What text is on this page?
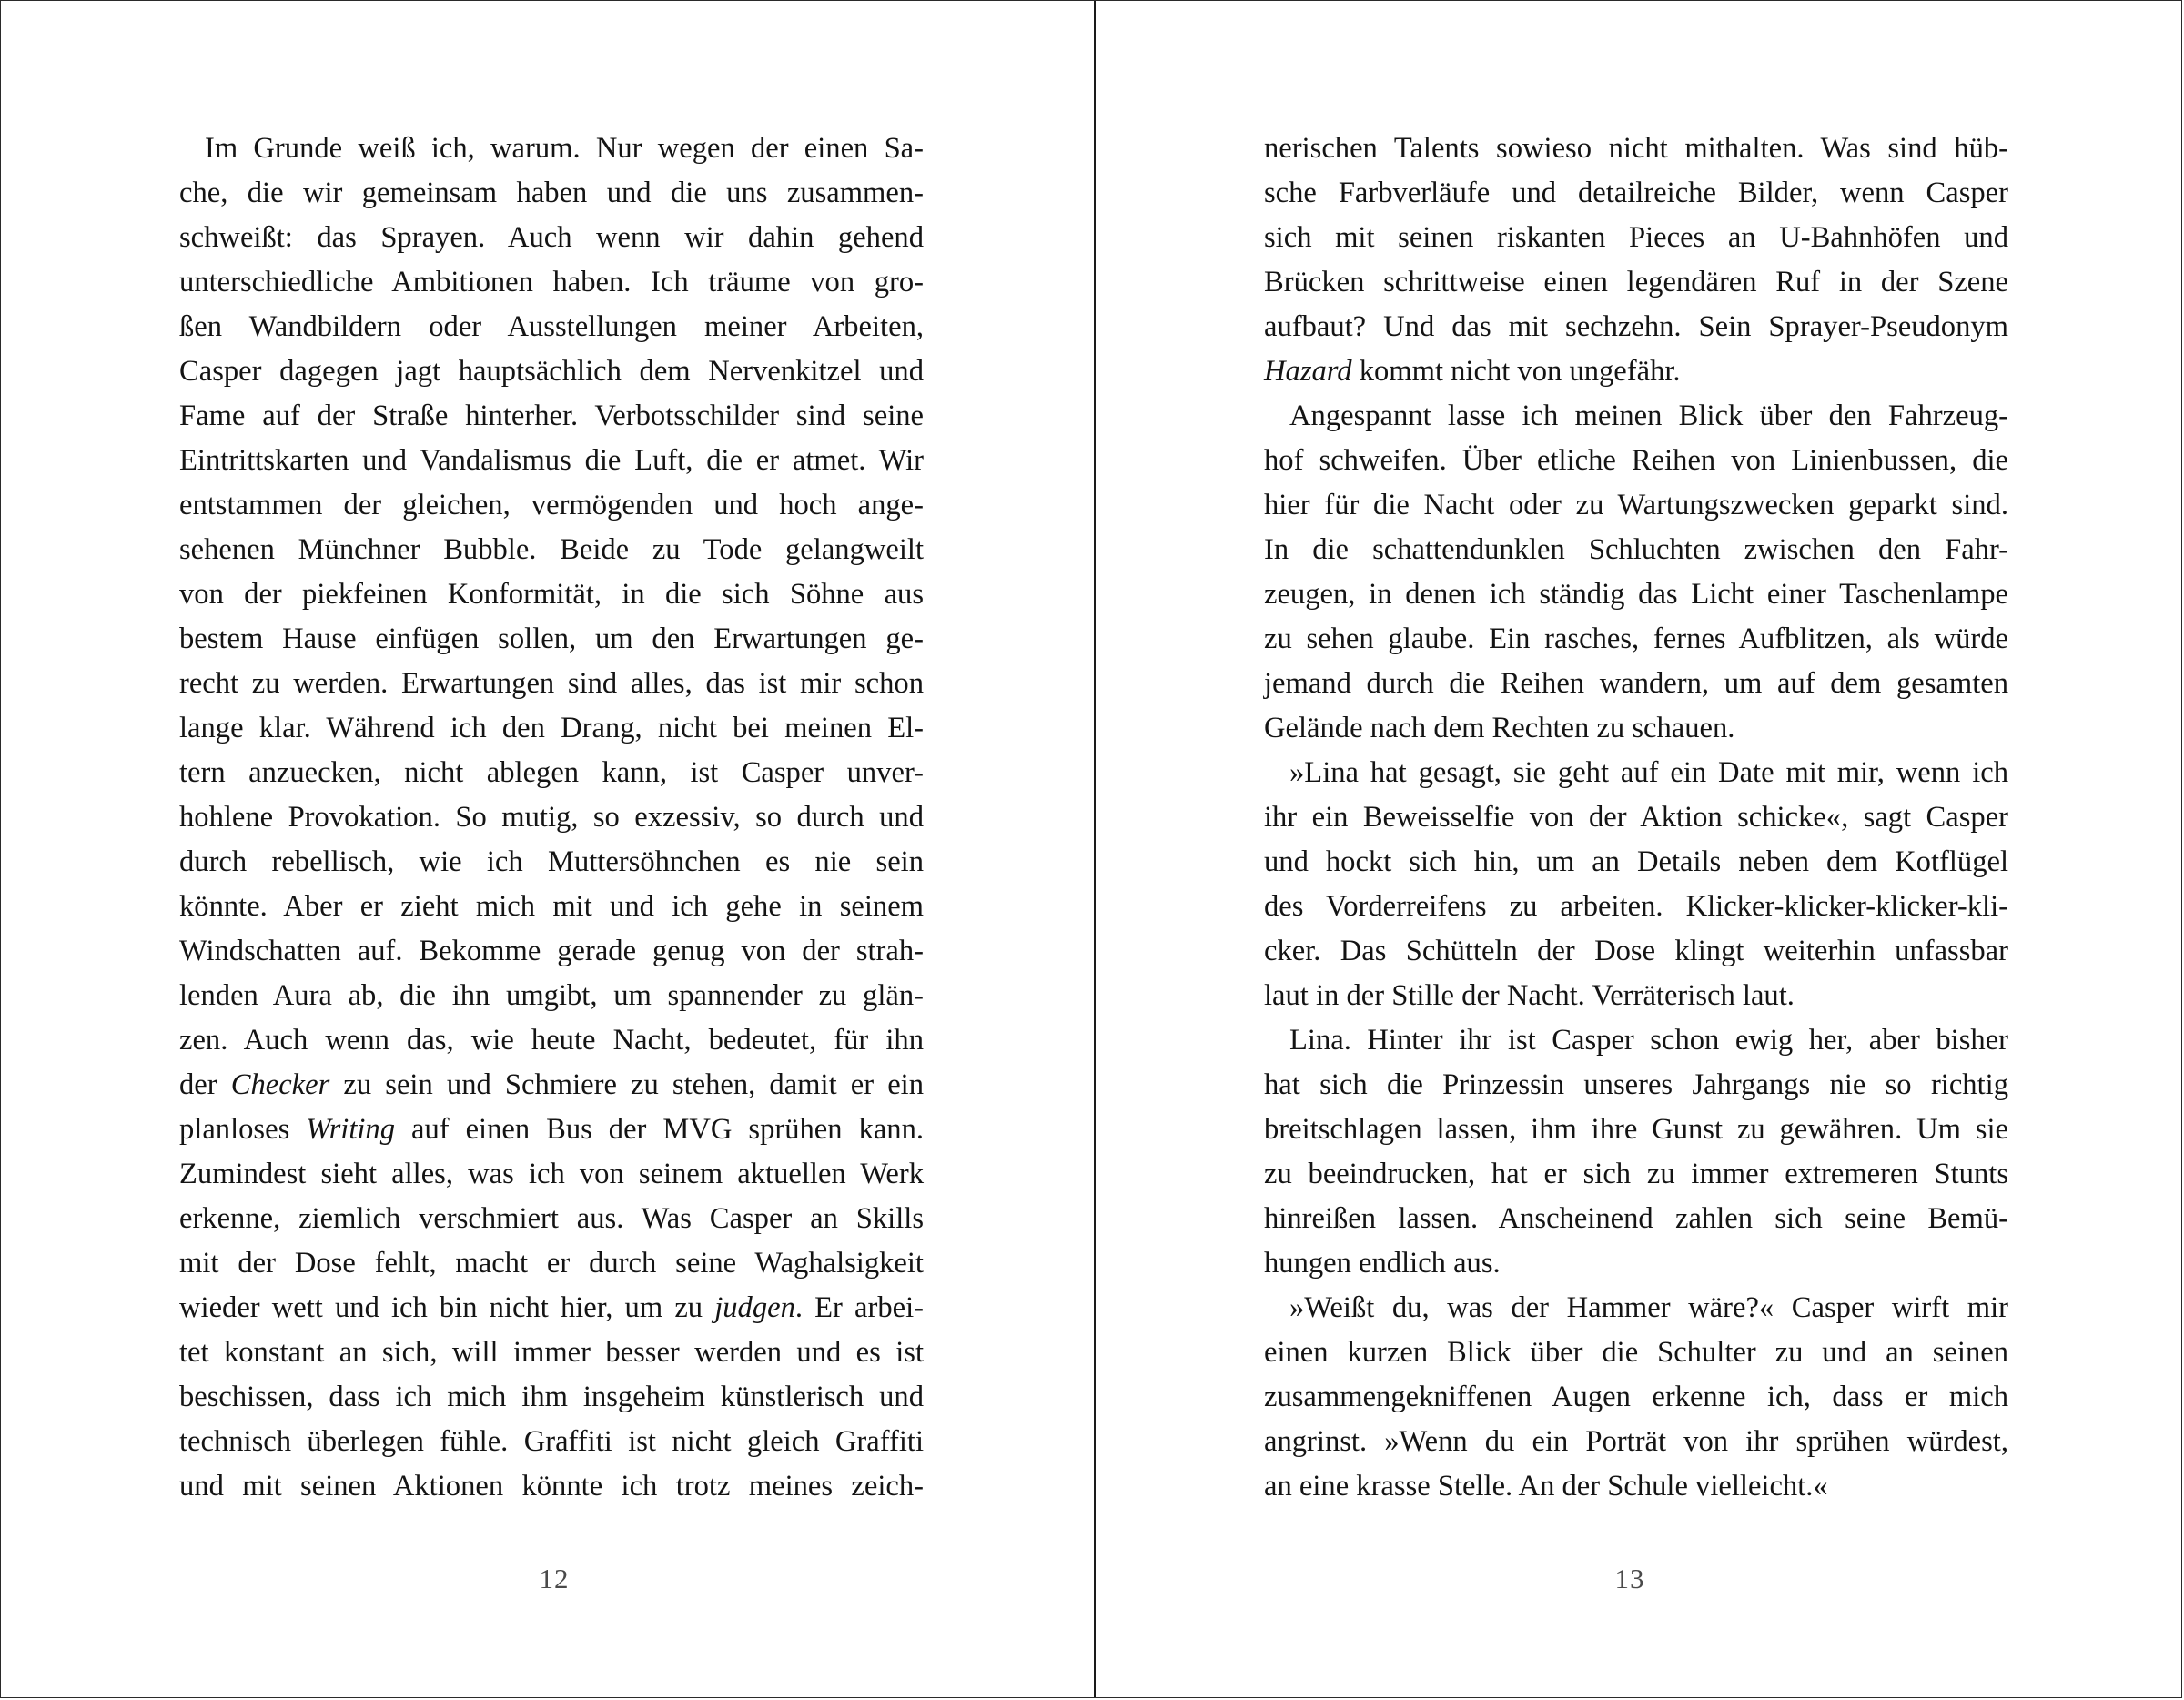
Im Grunde weiß ich, warum. Nur wegen der einen Sa-
che, die wir gemeinsam haben und die uns zusammen-
schweißt: das Sprayen. Auch wenn wir dahin gehend
unterschiedliche Ambitionen haben. Ich träume von gro-
ßen Wandbildern oder Ausstellungen meiner Arbeiten,
Casper dagegen jagt hauptsächlich dem Nervenkitzel und
Fame auf der Straße hinterher. Verbotsschilder sind seine
Eintrittskarten und Vandalismus die Luft, die er atmet. Wir
entstammen der gleichen, vermögenden und hoch ange-
sehenen Münchner Bubble. Beide zu Tode gelangweilt
von der piekfeinen Konformität, in die sich Söhne aus
bestem Hause einfügen sollen, um den Erwartungen ge-
recht zu werden. Erwartungen sind alles, das ist mir schon
lange klar. Während ich den Drang, nicht bei meinen El-
tern anzuecken, nicht ablegen kann, ist Casper unver-
hohlene Provokation. So mutig, so exzessiv, so durch und
durch rebellisch, wie ich Muttersöhnchen es nie sein
könnte. Aber er zieht mich mit und ich gehe in seinem
Windschatten auf. Bekomme gerade genug von der strah-
lenden Aura ab, die ihn umgibt, um spannender zu glän-
zen. Auch wenn das, wie heute Nacht, bedeutet, für ihn
der Checker zu sein und Schmiere zu stehen, damit er ein
planloses Writing auf einen Bus der MVG sprühen kann.
Zumindest sieht alles, was ich von seinem aktuellen Werk
erkenne, ziemlich verschmiert aus. Was Casper an Skills
mit der Dose fehlt, macht er durch seine Waghalsigkeit
wieder wett und ich bin nicht hier, um zu judgen. Er arbei-
tet konstant an sich, will immer besser werden und es ist
beschissen, dass ich mich ihm insgeheim künstlerisch und
technisch überlegen fühle. Graffiti ist nicht gleich Graffiti
und mit seinen Aktionen könnte ich trotz meines zeich-
12
nerischen Talents sowieso nicht mithalten. Was sind hüb-
sche Farbverläufe und detailreiche Bilder, wenn Casper
sich mit seinen riskanten Pieces an U-Bahnhöfen und
Brücken schrittweise einen legendären Ruf in der Szene
aufbaut? Und das mit sechzehn. Sein Sprayer-Pseudonym
Hazard kommt nicht von ungefähr.
Angespannt lasse ich meinen Blick über den Fahrzeug-
hof schweifen. Über etliche Reihen von Linienbussen, die
hier für die Nacht oder zu Wartungszwecken geparkt sind.
In die schattendunklen Schluchten zwischen den Fahr-
zeugen, in denen ich ständig das Licht einer Taschenlampe
zu sehen glaube. Ein rasches, fernes Aufblitzen, als würde
jemand durch die Reihen wandern, um auf dem gesamten
Gelände nach dem Rechten zu schauen.
»Lina hat gesagt, sie geht auf ein Date mit mir, wenn ich
ihr ein Beweisselfie von der Aktion schicke«, sagt Casper
und hockt sich hin, um an Details neben dem Kotflügel
des Vorderreifens zu arbeiten. Klicker-klicker-klicker-kli-
cker. Das Schütteln der Dose klingt weiterhin unfassbar
laut in der Stille der Nacht. Verräterisch laut.
Lina. Hinter ihr ist Casper schon ewig her, aber bisher
hat sich die Prinzessin unseres Jahrgangs nie so richtig
breitschlagen lassen, ihm ihre Gunst zu gewähren. Um sie
zu beeindrucken, hat er sich zu immer extremeren Stunts
hinreißen lassen. Anscheinend zahlen sich seine Bemü-
hungen endlich aus.
»Weißt du, was der Hammer wäre?« Casper wirft mir
einen kurzen Blick über die Schulter zu und an seinen
zusammengekniffenen Augen erkenne ich, dass er mich
angrinst. »Wenn du ein Porträt von ihr sprühen würdest,
an eine krasse Stelle. An der Schule vielleicht.«
13
